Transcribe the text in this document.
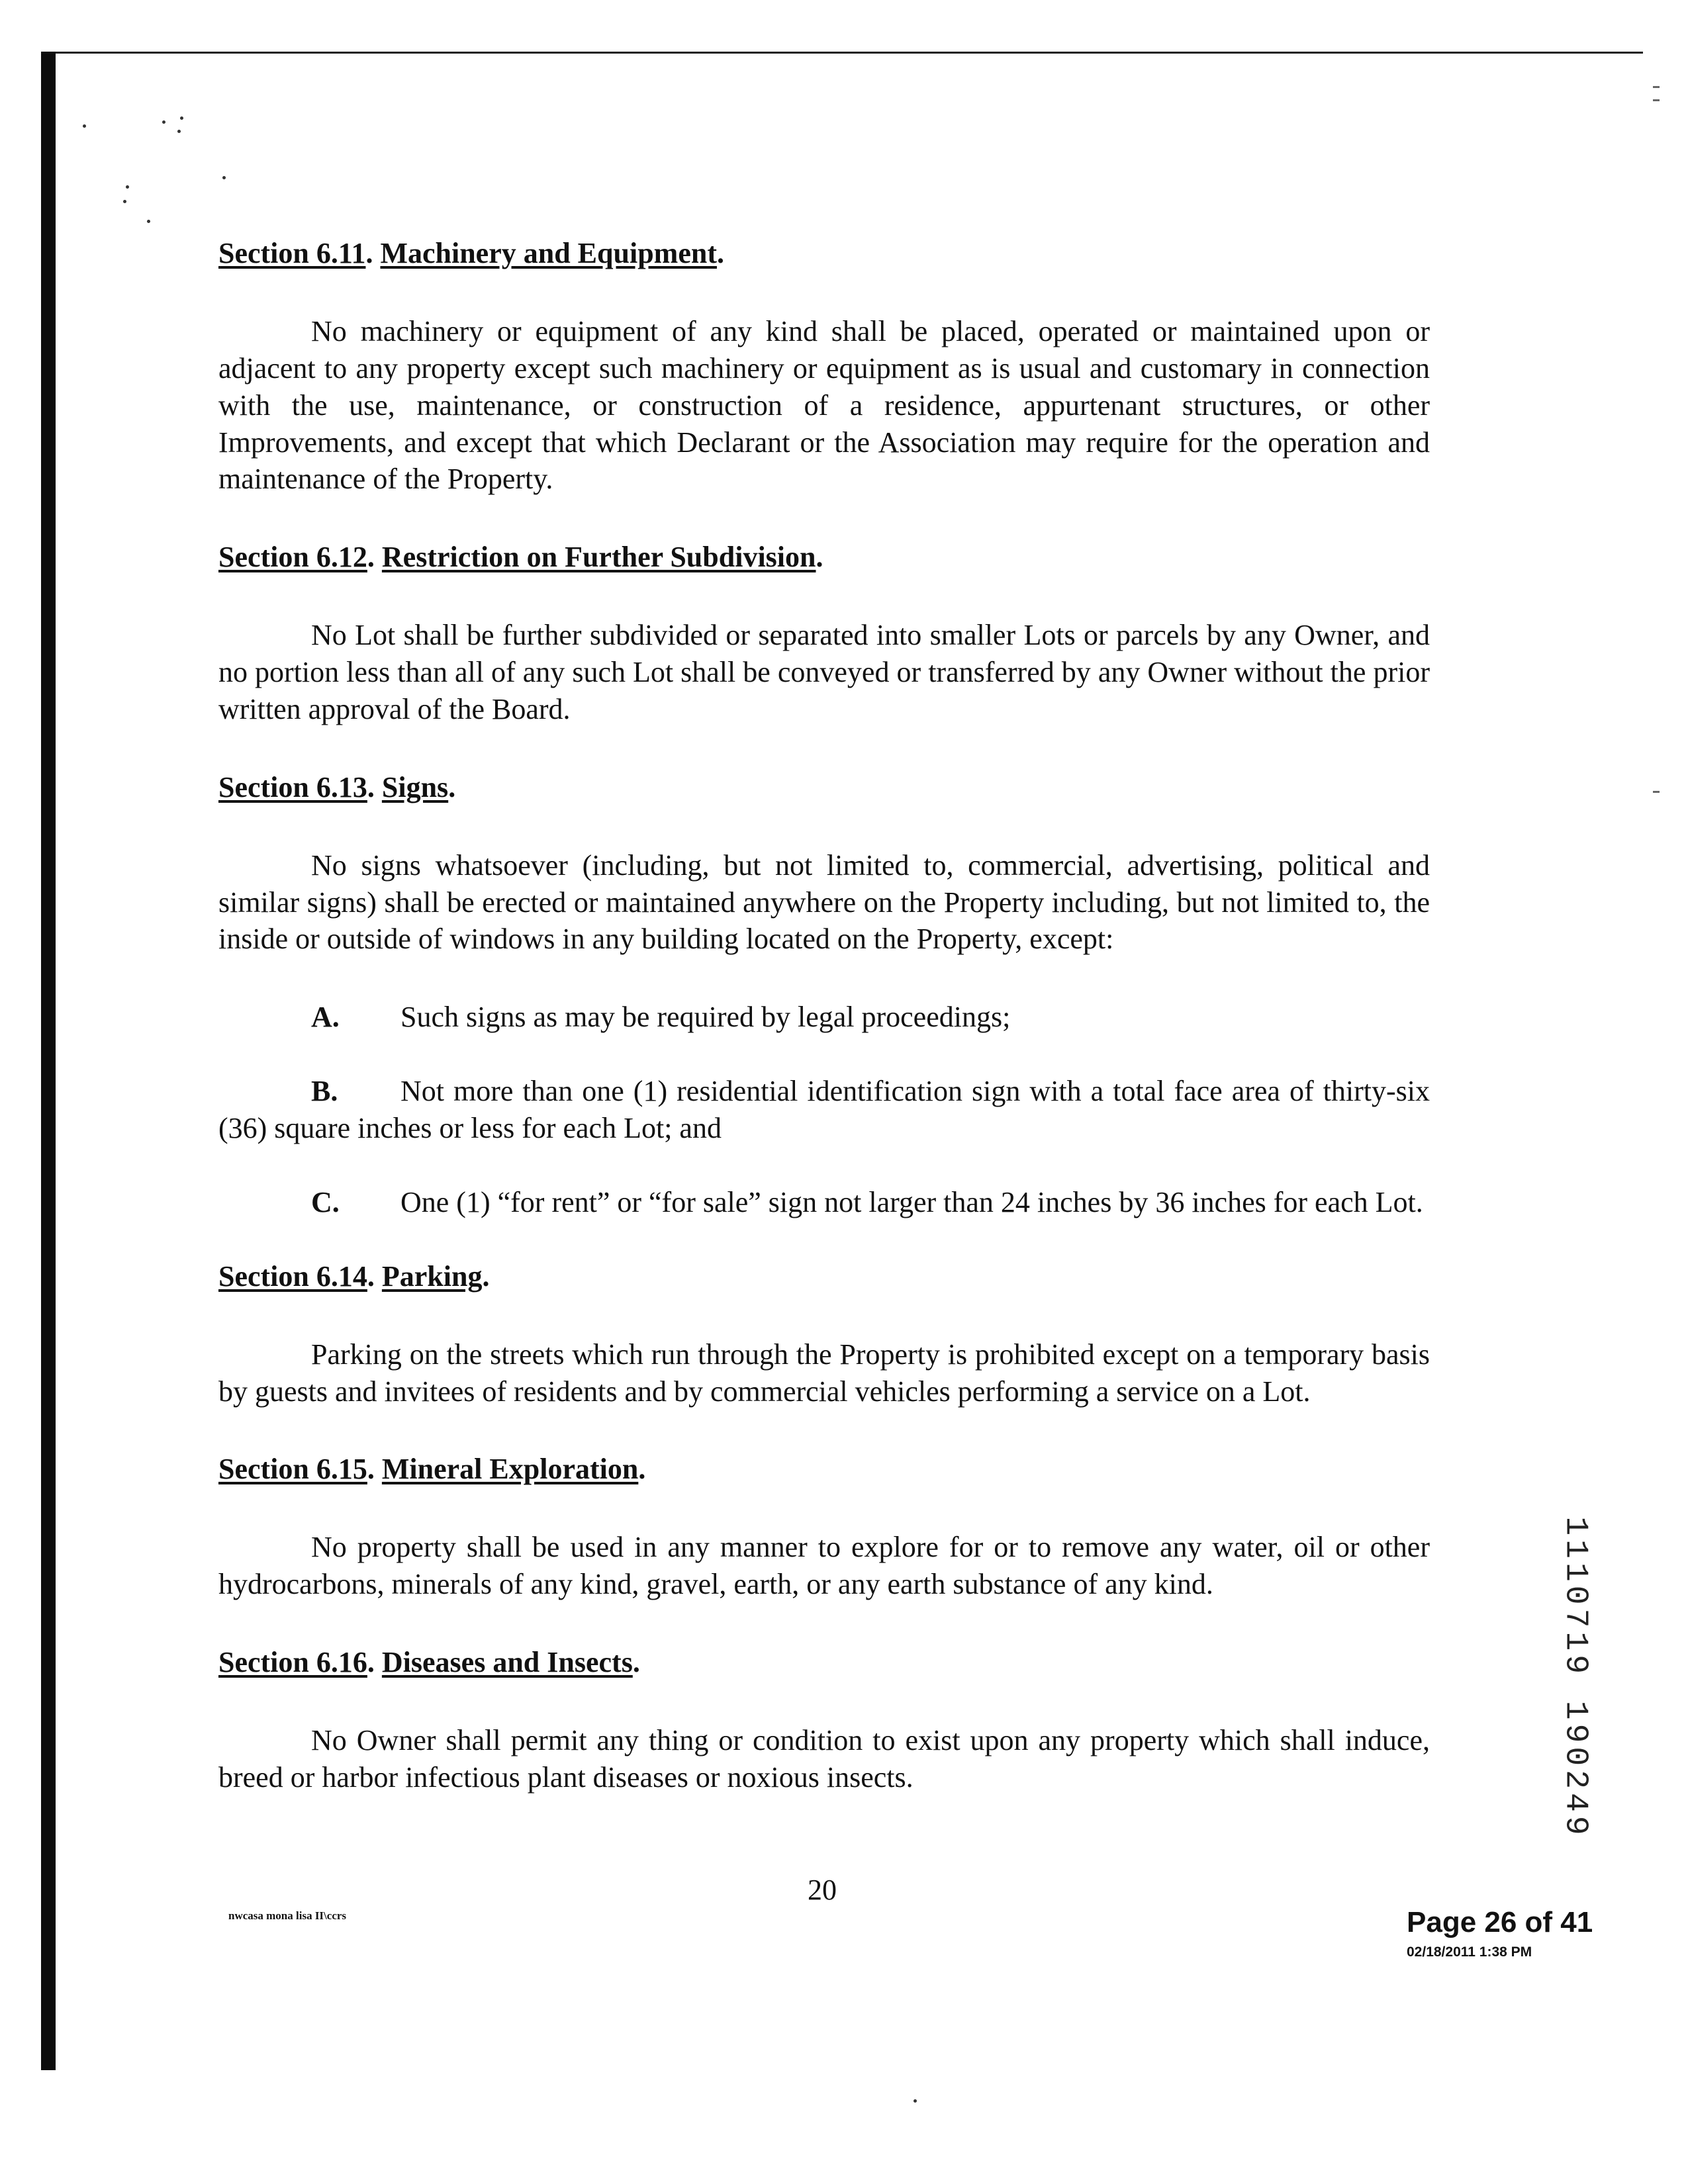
Section 6.11. Machinery and Equipment.

No machinery or equipment of any kind shall be placed, operated or maintained upon or adjacent to any property except such machinery or equipment as is usual and customary in connection with the use, maintenance, or construction of a residence, appurtenant structures, or other Improvements, and except that which Declarant or the Association may require for the operation and maintenance of the Property.

Section 6.12. Restriction on Further Subdivision.

No Lot shall be further subdivided or separated into smaller Lots or parcels by any Owner, and no portion less than all of any such Lot shall be conveyed or transferred by any Owner without the prior written approval of the Board.

Section 6.13. Signs.

No signs whatsoever (including, but not limited to, commercial, advertising, political and similar signs) shall be erected or maintained anywhere on the Property including, but not limited to, the inside or outside of windows in any building located on the Property, except:

A. Such signs as may be required by legal proceedings;

B. Not more than one (1) residential identification sign with a total face area of thirty-six (36) square inches or less for each Lot; and

C. One (1) “for rent” or “for sale” sign not larger than 24 inches by 36 inches for each Lot.

Section 6.14. Parking.

Parking on the streets which run through the Property is prohibited except on a temporary basis by guests and invitees of residents and by commercial vehicles performing a service on a Lot.

Section 6.15. Mineral Exploration.

No property shall be used in any manner to explore for or to remove any water, oil or other hydrocarbons, minerals of any kind, gravel, earth, or any earth substance of any kind.

Section 6.16. Diseases and Insects.

No Owner shall permit any thing or condition to exist upon any property which shall induce, breed or harbor infectious plant diseases or noxious insects.

nwcasa mona lisa II\ccrs
20
Page 26 of 41
02/18/2011 1:38 PM
1110719 190249
